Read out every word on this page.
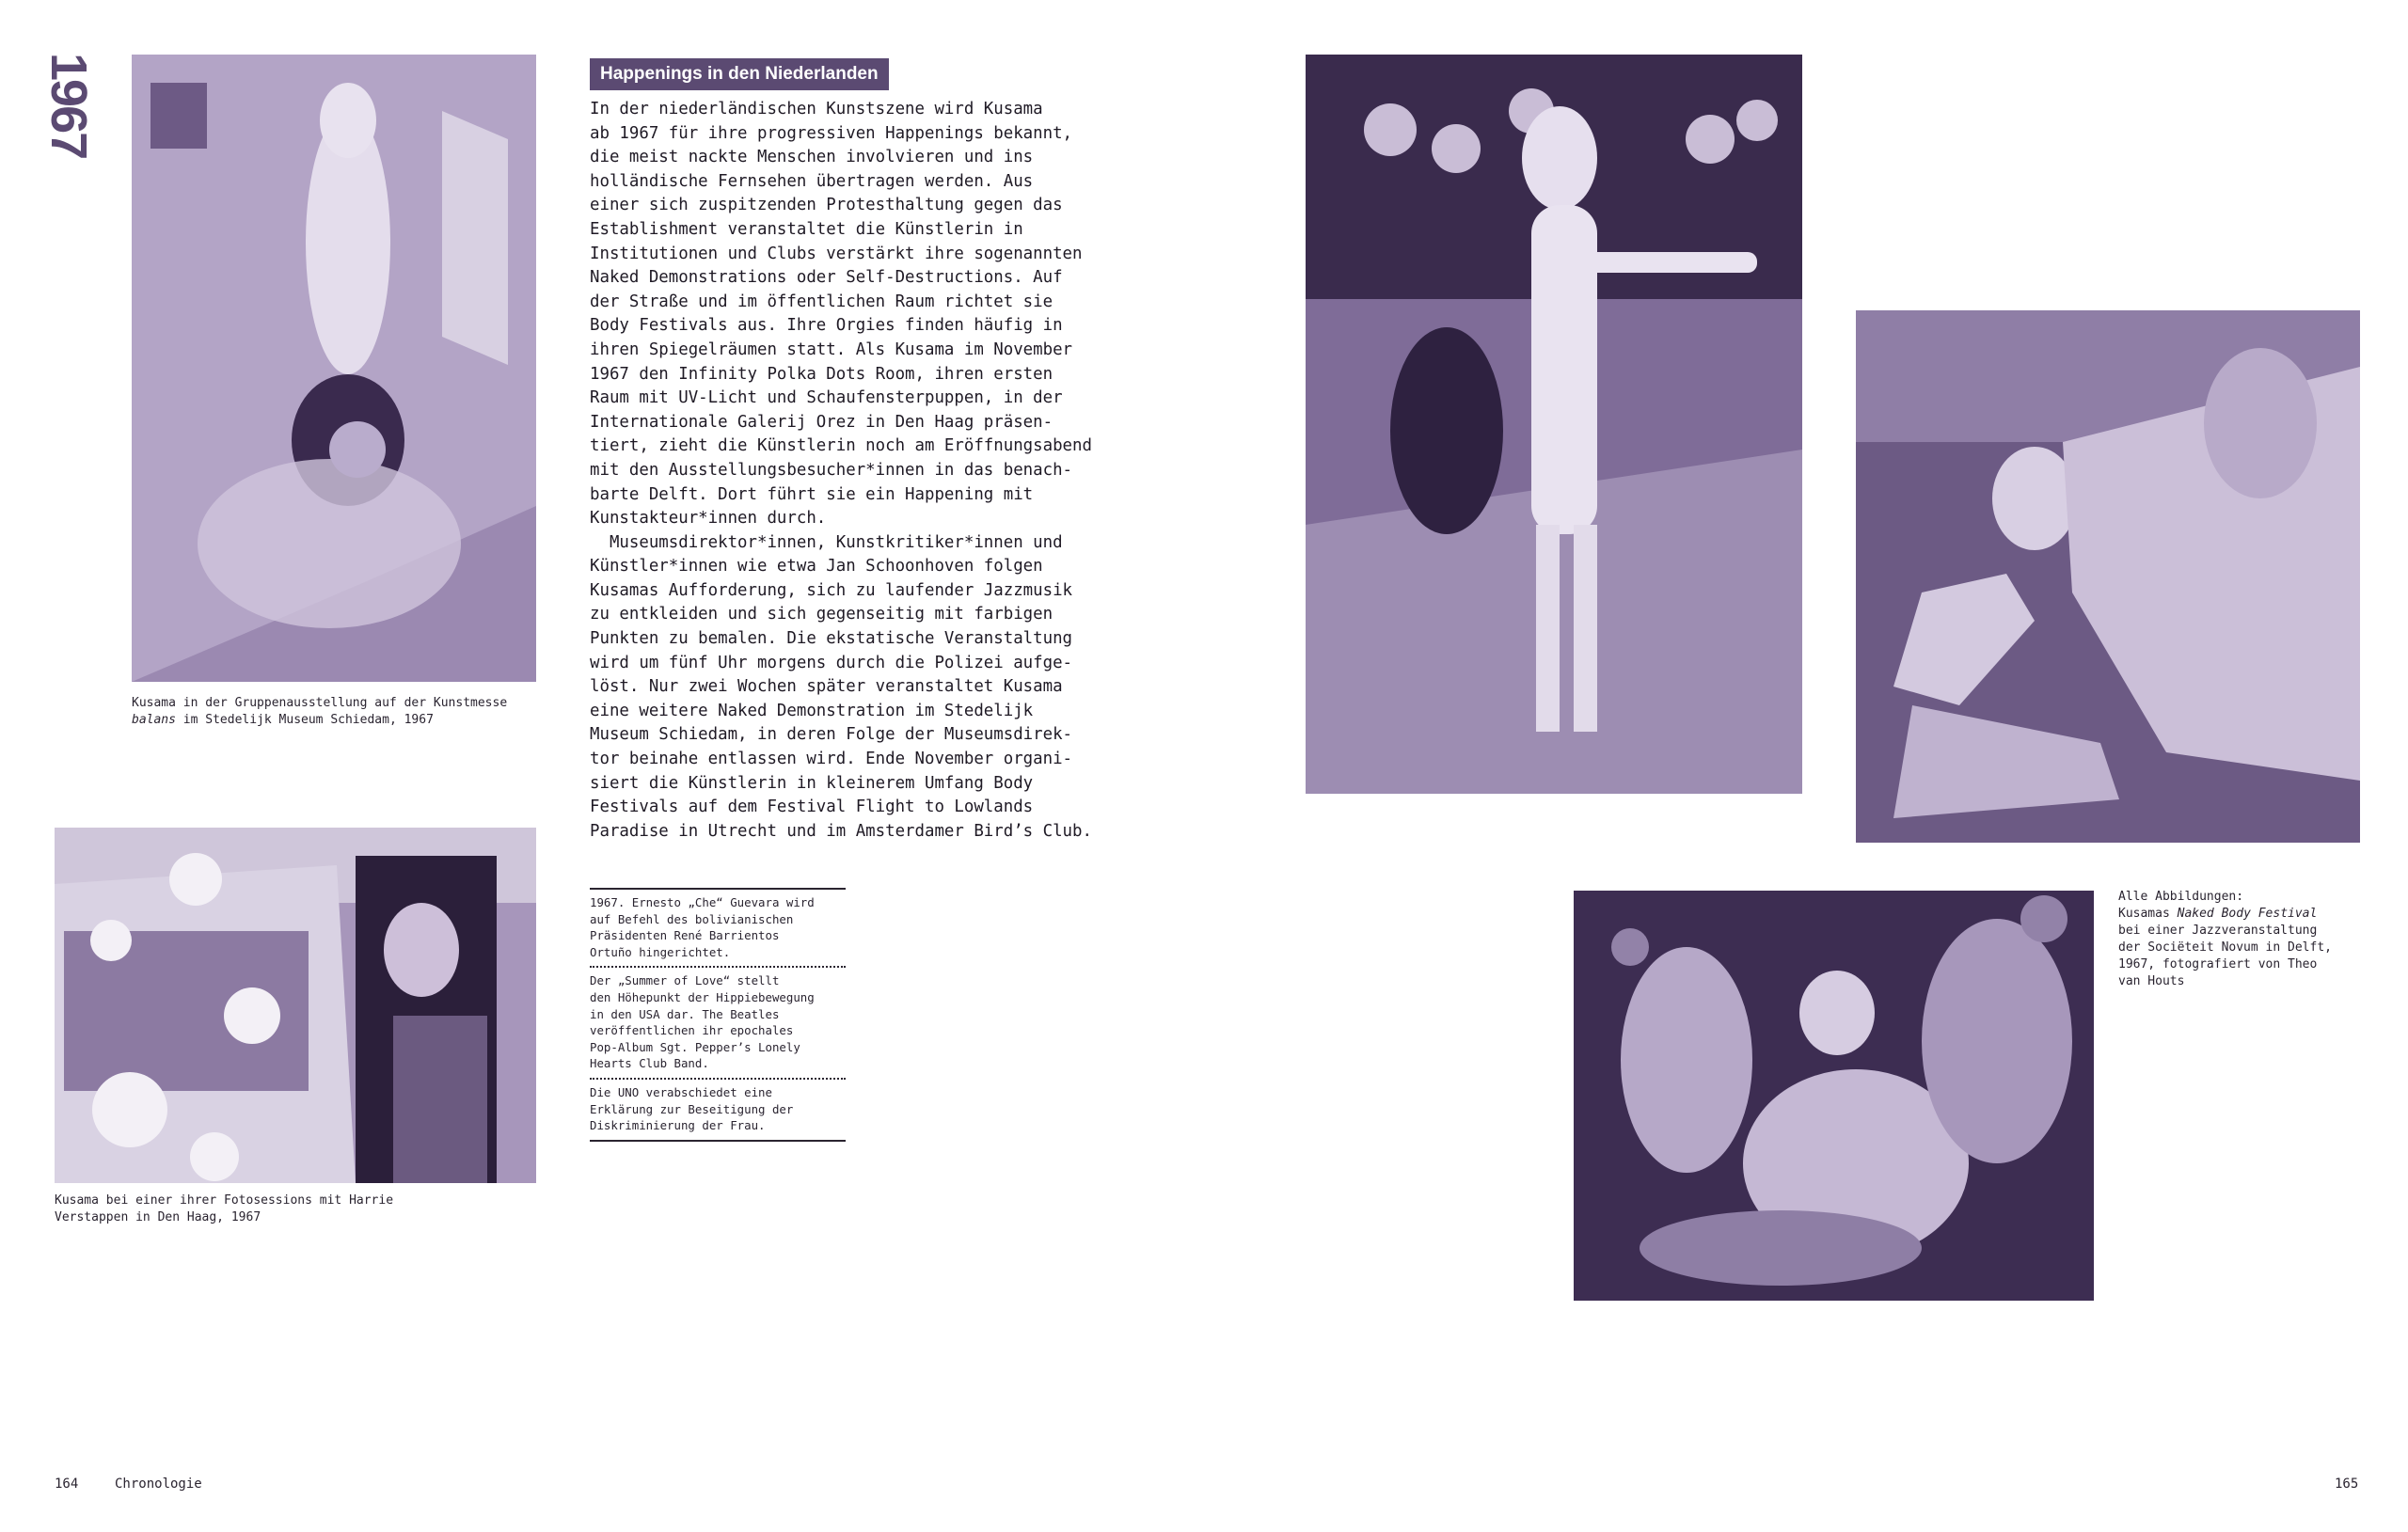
1967
Kusama in der Gruppenausstellung auf der Kunstmesse
balans im Stedelijk Museum Schiedam, 1967
Kusama bei einer ihrer Fotosessions mit Harrie
Verstappen in Den Haag, 1967
Happenings in den Niederlanden
In der niederländischen Kunstszene wird Kusama
ab 1967 für ihre progressiven Happenings bekannt,
die meist nackte Menschen involvieren und ins
holländische Fernsehen übertragen werden. Aus
einer sich zuspitzenden Protesthaltung gegen das
Establishment veranstaltet die Künstlerin in
Institutionen und Clubs verstärkt ihre sogenannten
Naked Demonstrations oder Self-Destructions. Auf
der Straße und im öffentlichen Raum richtet sie
Body Festivals aus. Ihre Orgies finden häufig in
ihren Spiegelräumen statt. Als Kusama im November
1967 den Infinity Polka Dots Room, ihren ersten
Raum mit UV-Licht und Schaufensterpuppen, in der
Internationale Galerij Orez in Den Haag präsen-
tiert, zieht die Künstlerin noch am Eröffnungsabend
mit den Ausstellungsbesucher*innen in das benach-
barte Delft. Dort führt sie ein Happening mit
Kunstakteur*innen durch.
Museumsdirektor*innen, Kunstkritiker*innen und
Künstler*innen wie etwa Jan Schoonhoven folgen
Kusamas Aufforderung, sich zu laufender Jazzmusik
zu entkleiden und sich gegenseitig mit farbigen
Punkten zu bemalen. Die ekstatische Veranstaltung
wird um fünf Uhr morgens durch die Polizei aufge-
löst. Nur zwei Wochen später veranstaltet Kusama
eine weitere Naked Demonstration im Stedelijk
Museum Schiedam, in deren Folge der Museumsdirek-
tor beinahe entlassen wird. Ende November organi-
siert die Künstlerin in kleinerem Umfang Body
Festivals auf dem Festival Flight to Lowlands
Paradise in Utrecht und im Amsterdamer Bird’s Club.
1967. Ernesto „Che“ Guevara wird
auf Befehl des bolivianischen
Präsidenten René Barrientos
Ortuño hingerichtet.
Der „Summer of Love“ stellt
den Höhepunkt der Hippiebewegung
in den USA dar. The Beatles
veröffentlichen ihr epochales
Pop-Album Sgt. Pepper’s Lonely
Hearts Club Band.
Die UNO verabschiedet eine
Erklärung zur Beseitigung der
Diskriminierung der Frau.
Alle Abbildungen:
Kusamas Naked Body Festival
bei einer Jazzveranstaltung
der Sociëteit Novum in Delft,
1967, fotografiert von Theo
van Houts
164	Chronologie	165
